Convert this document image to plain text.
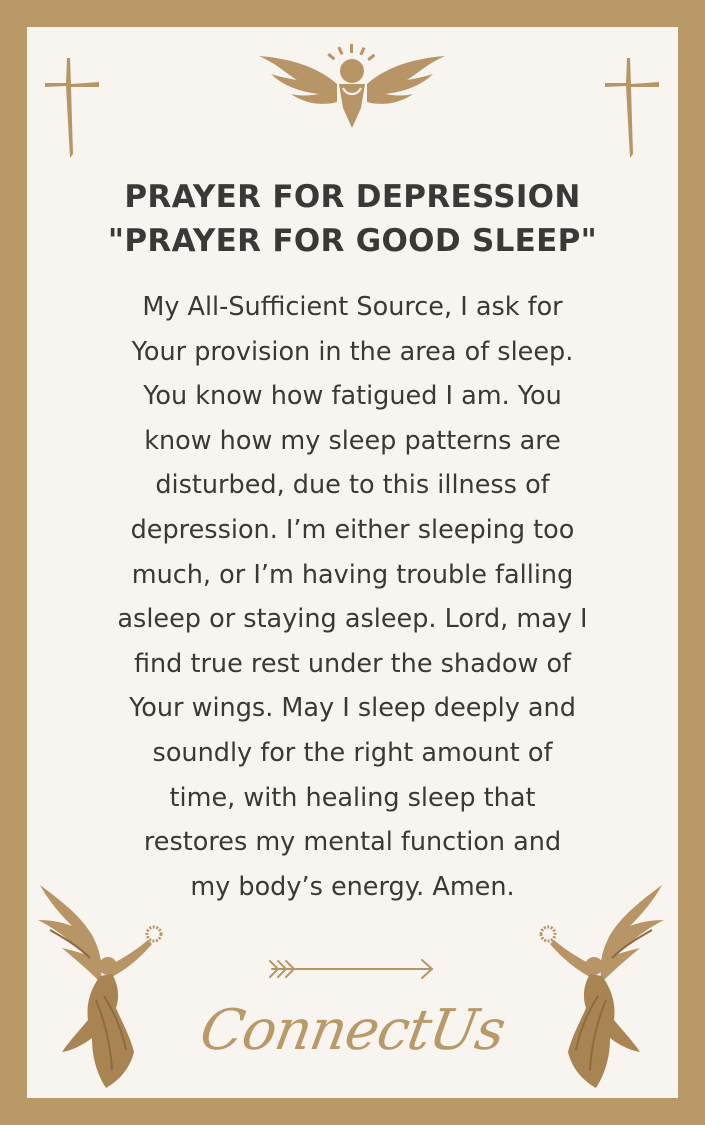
PRAYER FOR DEPRESSION
"PRAYER FOR GOOD SLEEP"
My All-Sufficient Source, I ask for
Your provision in the area of sleep.
You know how fatigued I am. You
know how my sleep patterns are
disturbed, due to this illness of
depression. I’m either sleeping too
much, or I’m having trouble falling
asleep or staying asleep. Lord, may I
find true rest under the shadow of
Your wings. May I sleep deeply and
soundly for the right amount of
time, with healing sleep that
restores my mental function and
my body’s energy. Amen.
ConnectUs
